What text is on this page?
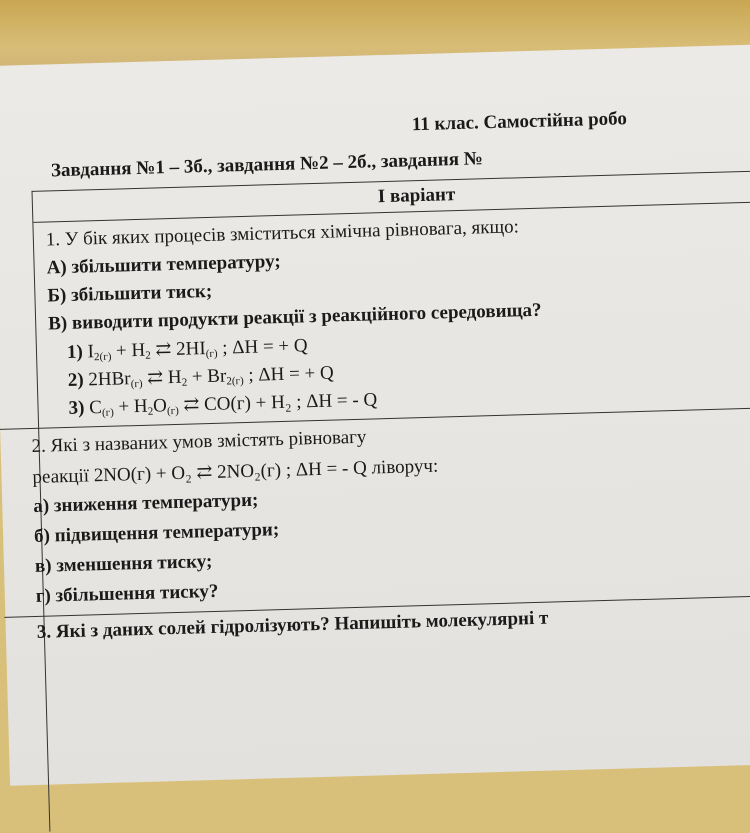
11 клас. Самостійна робо
Завдання №1 – 3б., завдання №2 – 2б., завдання №
І варіант
1. У бік яких процесів зміститься хімічна рівновага, якщо:
А) збільшити температуру;
Б) збільшити тиск;
В) виводити продукти реакції з реакційного середовища?
1) $I_{2(г)} + H_2$ ⇄ $2HI_{(г)}$ ; ΔH = + Q
2) 2HBr$_{(г)}$ ⇄ $H_2 + Br_{2(г)}$ ; ΔH = + Q
3) $C_{(г)} + H_2O_{(г)}$ ⇄ CO(г) + H₂ ; ΔH = - Q
2. Які з названих умов змістять рівновагу
реакції 2NO(г) + O₂ ⇄ 2NO₂(г) ; ΔH = - Q ліворуч:
а) зниження температури;
б) підвищення температури;
в) зменшення тиску;
г) збільшення тиску?
3. Які з даних солей гідролізують? Напишіть молекулярні т
